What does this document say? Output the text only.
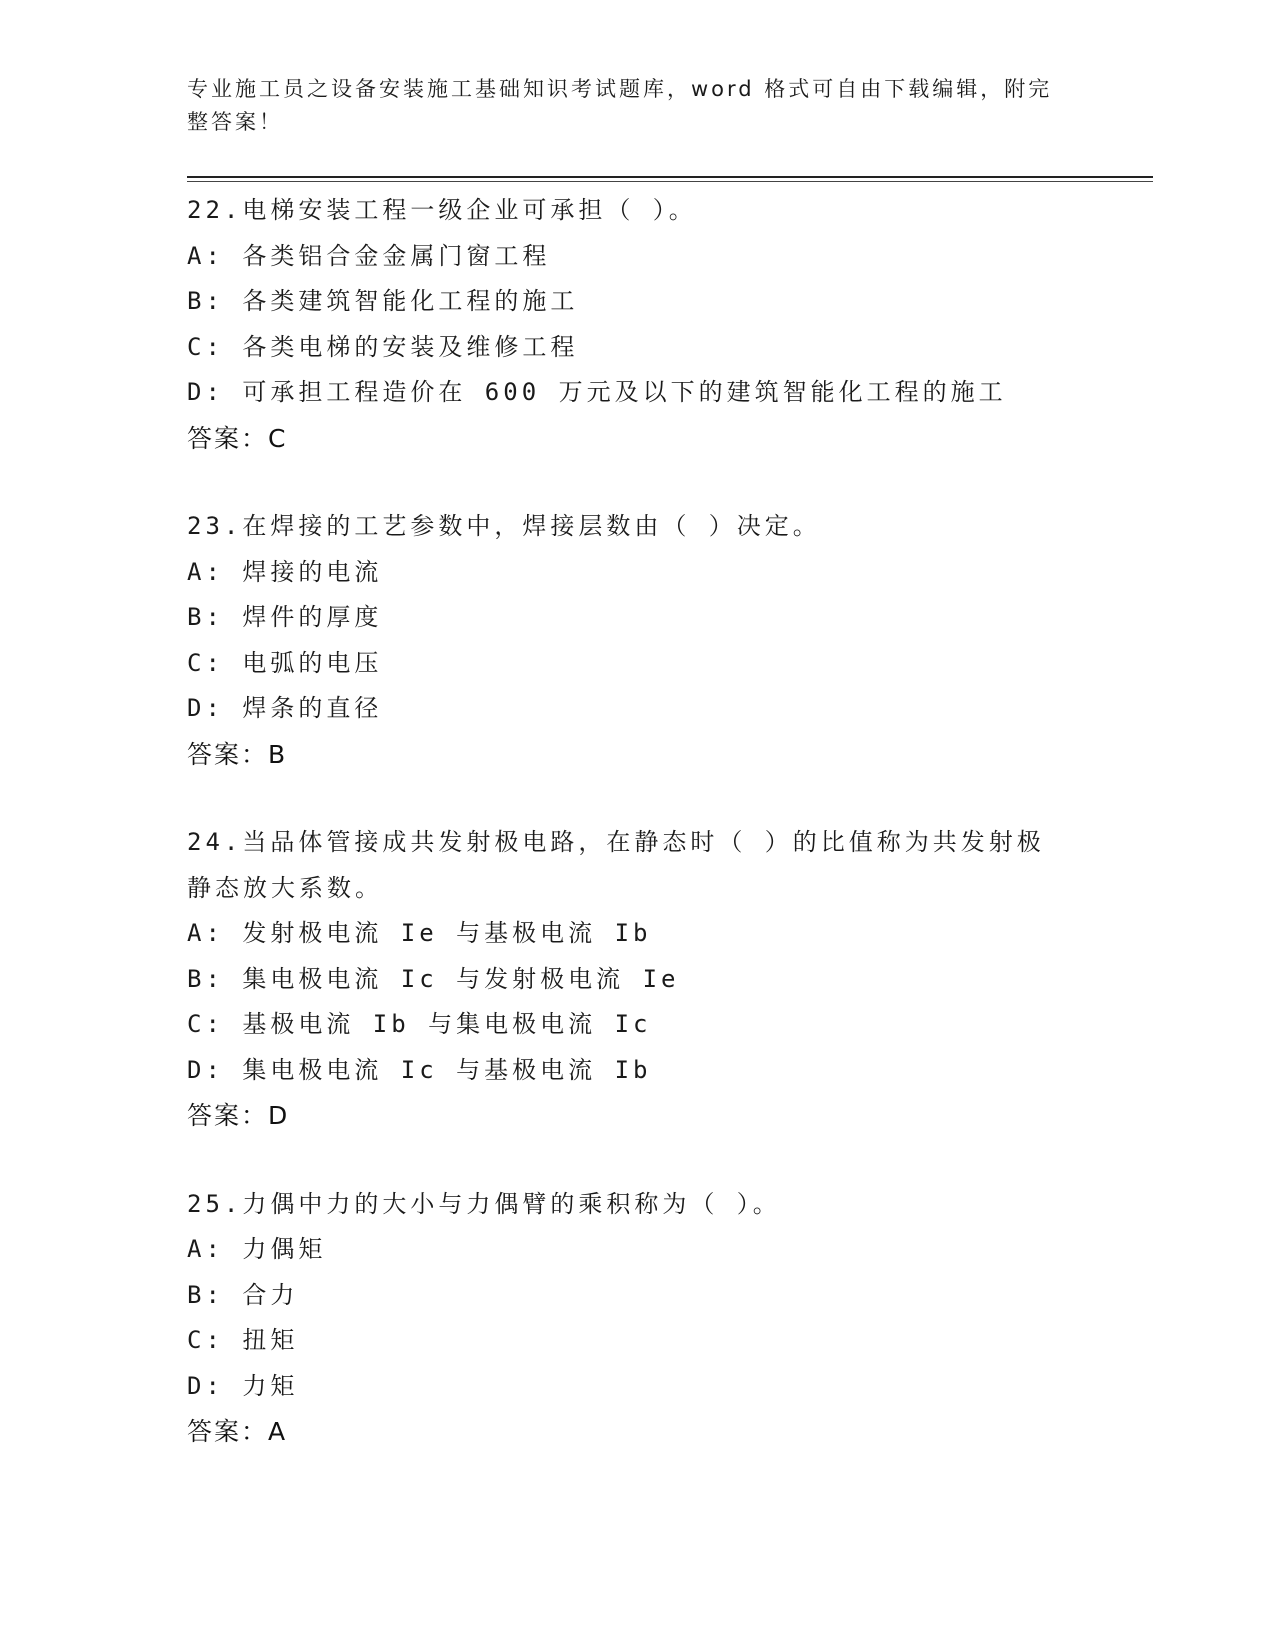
专业施工员之设备安装施工基础知识考试题库，word 格式可自由下载编辑，附完整答案！
22.电梯安装工程一级企业可承担（ ）。
A: 各类铝合金金属门窗工程
B: 各类建筑智能化工程的施工
C: 各类电梯的安装及维修工程
D: 可承担工程造价在 600 万元及以下的建筑智能化工程的施工
答案：C
23.在焊接的工艺参数中，焊接层数由（ ）决定。
A: 焊接的电流
B: 焊件的厚度
C: 电弧的电压
D: 焊条的直径
答案：B
24.当品体管接成共发射极电路，在静态时（ ）的比值称为共发射极静态放大系数。
A: 发射极电流 Ie 与基极电流 Ib
B: 集电极电流 Ic 与发射极电流 Ie
C: 基极电流 Ib 与集电极电流 Ic
D: 集电极电流 Ic 与基极电流 Ib
答案：D
25.力偶中力的大小与力偶臂的乘积称为（ ）。
A: 力偶矩
B: 合力
C: 扭矩
D: 力矩
答案：A
